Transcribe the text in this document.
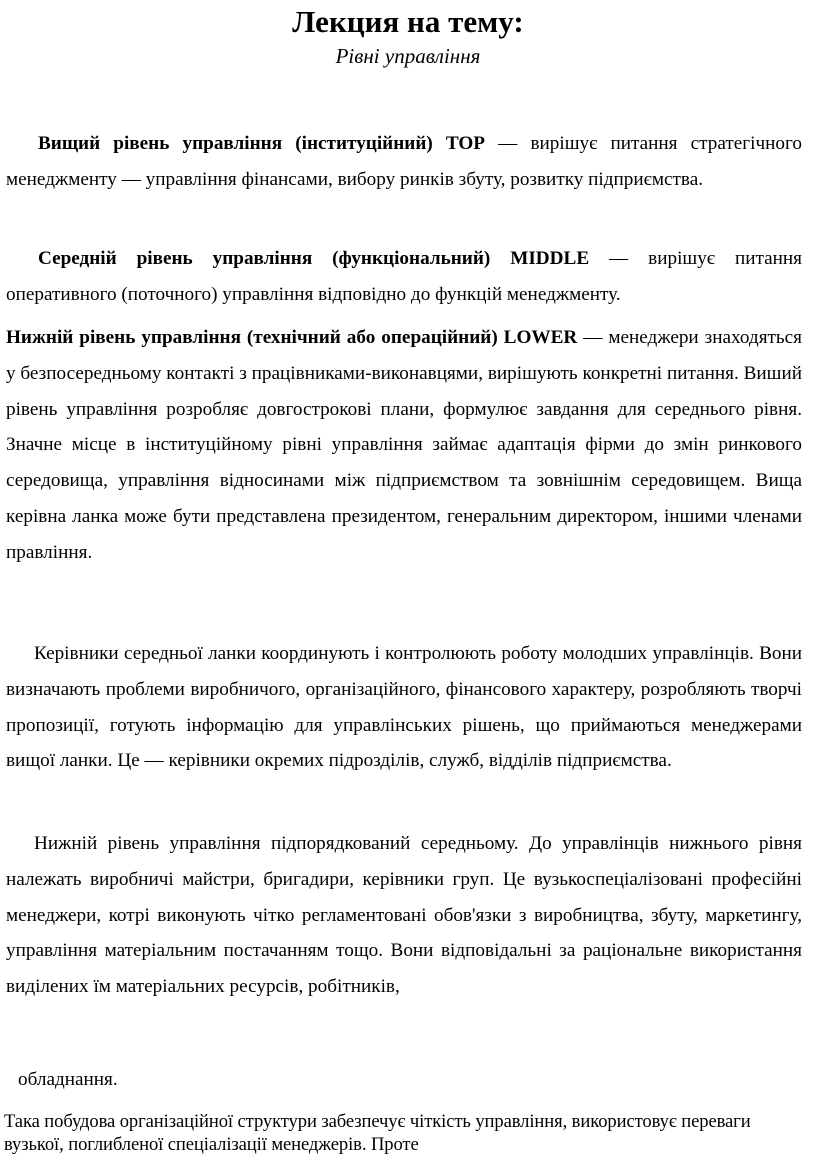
Лекция на тему:
Рівні управління
Вищий рівень управління (інституційний) TOP — вирішує питання стратегічного менеджменту — управління фінансами, вибору ринків збуту, розвитку підприємства.
Середній рівень управління (функціональний) MIDDLE — вирішує питання оперативного (поточного) управління відповідно до функцій менеджменту.
Нижній рівень управління (технічний або операційний) LOWER — менеджери знаходяться у безпосередньому контакті з працівниками-виконавцями, вирішують конкретні питання. Виший рівень управління розробляє довгострокові плани, формулює завдання для середнього рівня. Значне місце в інституційному рівні управління займає адаптація фірми до змін ринкового середовища, управління відносинами між підприємством та зовнішнім середовищем. Вища керівна ланка може бути представлена президентом, генеральним директором, іншими членами правління.
Керівники середньої ланки координують і контролюють роботу молодших управлінців. Вони визначають проблеми виробничого, організаційного, фінансового характеру, розробляють творчі пропозиції, готують інформацію для управлінських рішень, що приймаються менеджерами вищої ланки. Це — керівники окремих підрозділів, служб, відділів підприємства.
Нижній рівень управління підпорядкований середньому. До управлінців нижнього рівня належать виробничі майстри, бригадири, керівники груп. Це вузькоспеціалізовані професійні менеджери, котрі виконують чітко регламентовані обов'язки з виробництва, збуту, маркетингу, управління матеріальним постачанням тощо. Вони відповідальні за раціональне використання виділених їм матеріальних ресурсів, робітників,
обладнання.
Така побудова організаційної структури забезпечує чіткість управління, використовує переваги вузької, поглибленої спеціалізації менеджерів. Проте
